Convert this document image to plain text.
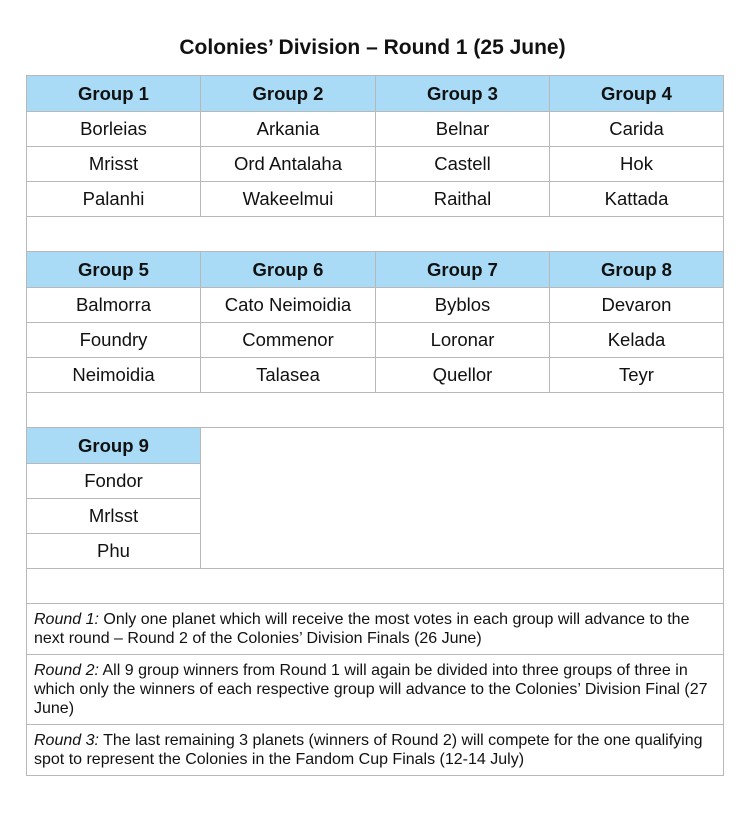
Colonies’ Division – Round 1 (25 June)
Group 1	Group 2	Group 3	Group 4
Borleias	Arkania	Belnar	Carida
Mrisst	Ord Antalaha	Castell	Hok
Palanhi	Wakeelmui	Raithal	Kattada

Group 5	Group 6	Group 7	Group 8
Balmorra	Cato Neimoidia	Byblos	Devaron
Foundry	Commenor	Loronar	Kelada
Neimoidia	Talasea	Quellor	Teyr

Group 9			
Fondor			
Mrlsst			
Phu			

Round 1: Only one planet which will receive the most votes in each group will advance to the next round – Round 2 of the Colonies’ Division Finals (26 June)			
Round 2: All 9 group winners from Round 1 will again be divided into three groups of three in which only the winners of each respective group will advance to the Colonies’ Division Final (27 June)			
Round 3: The last remaining 3 planets (winners of Round 2) will compete for the one qualifying spot to represent the Colonies in the Fandom Cup Finals (12-14 July)			
